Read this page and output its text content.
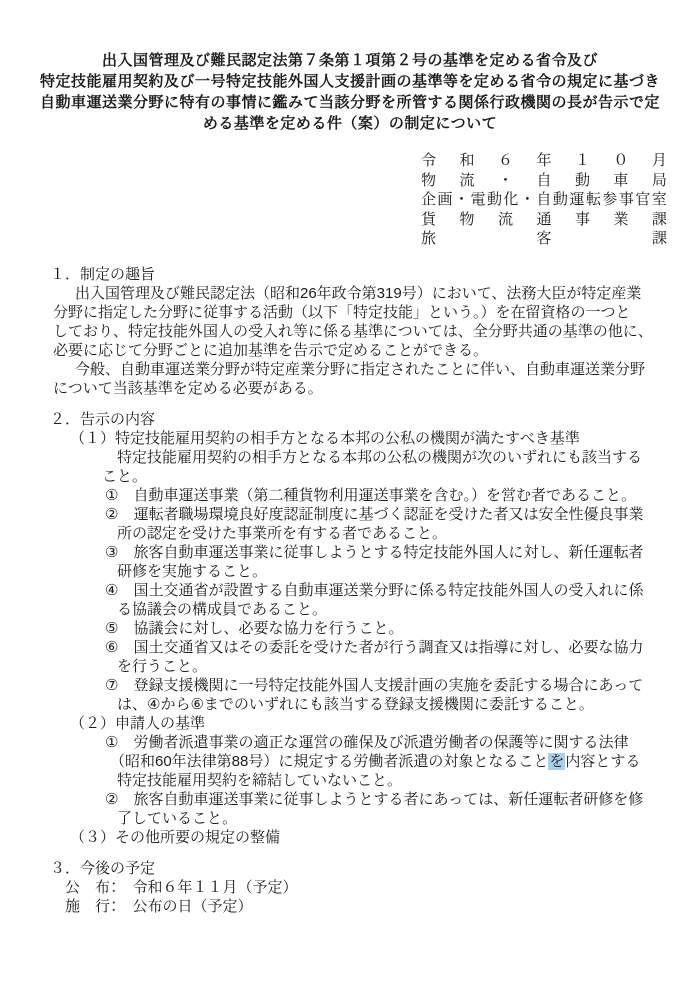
出入国管理及び難民認定法第７条第１項第２号の基準を定める省令及び
特定技能雇用契約及び一号特定技能外国人支援計画の基準等を定める省令の規定に基づき
自動車運送業分野に特有の事情に鑑みて当該分野を所管する関係行政機関の長が告示で定
める基準を定める件（案）の制定について
令 和 ６ 年 １ ０ 月
物 流 ・ 自 動 車 局
企 画 ・ 電 動 化 ・ 自 動 運 転 参 事 官 室
貨 物 流 通 事 業 課
旅	客	課
１．制定の趣旨
出入国管理及び難民認定法（昭和26年政令第319号）において、法務大臣が特定産業
分野に指定した分野に従事する活動（以下「特定技能」という。）を在留資格の一つと
しており、特定技能外国人の受入れ等に係る基準については、全分野共通の基準の他に、
必要に応じて分野ごとに追加基準を告示で定めることができる。
今般、自動車運送業分野が特定産業分野に指定されたことに伴い、自動車運送業分野
について当該基準を定める必要がある。
２．告示の内容
（１）特定技能雇用契約の相手方となる本邦の公私の機関が満たすべき基準
特定技能雇用契約の相手方となる本邦の公私の機関が次のいずれにも該当する
こと。
①　自動車運送事業（第二種貨物利用運送事業を含む。）を営む者であること。
②　運転者職場環境良好度認証制度に基づく認証を受けた者又は安全性優良事業
所の認定を受けた事業所を有する者であること。
③　旅客自動車運送事業に従事しようとする特定技能外国人に対し、新任運転者
研修を実施すること。
④　国土交通省が設置する自動車運送業分野に係る特定技能外国人の受入れに係
る協議会の構成員であること。
⑤　協議会に対し、必要な協力を行うこと。
⑥　国土交通省又はその委託を受けた者が行う調査又は指導に対し、必要な協力
を行うこと。
⑦　登録支援機関に一号特定技能外国人支援計画の実施を委託する場合にあって
は、④から⑥までのいずれにも該当する登録支援機関に委託すること。
（２）申請人の基準
①　労働者派遣事業の適正な運営の確保及び派遣労働者の保護等に関する法律
（昭和60年法律第88号）に規定する労働者派遣の対象となることを内容とする
特定技能雇用契約を締結していないこと。
②　旅客自動車運送事業に従事しようとする者にあっては、新任運転者研修を修
了していること。
（３）その他所要の規定の整備
３．今後の予定
公　布：　令和６年１１月（予定）
施　行：　公布の日（予定）
